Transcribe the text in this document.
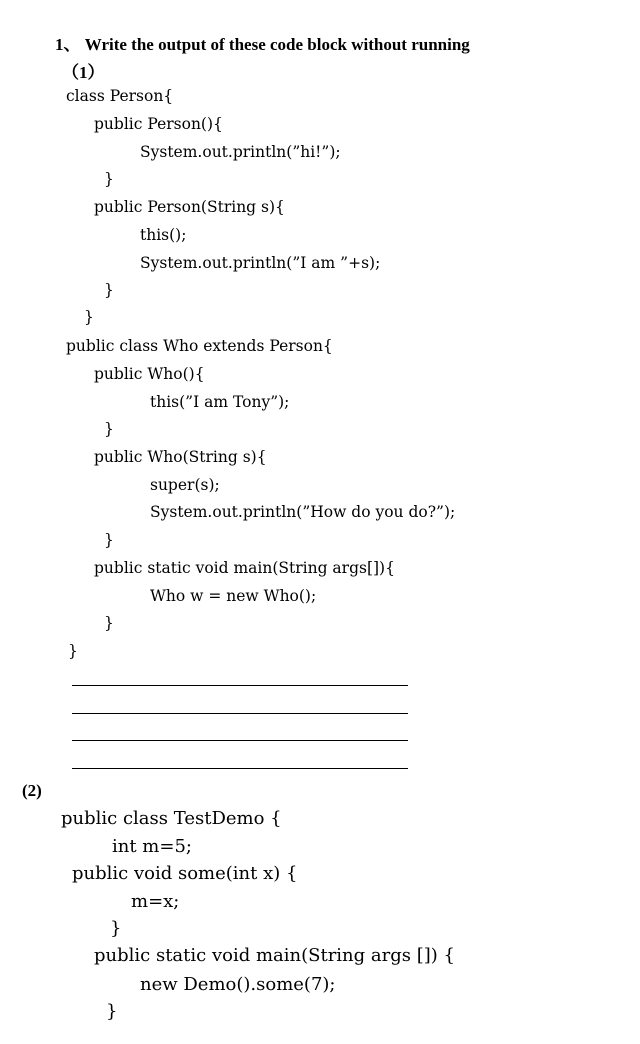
1、 Write the output of these code block without running
（1）
class Person{
public Person(){
System.out.println(”hi!”);
}
public Person(String s){
this();
System.out.println(”I am ”+s);
}
}
public class Who extends Person{
public Who(){
this(”I am Tony”);
}
public Who(String s){
super(s);
System.out.println(”How do you do?”);
}
public static void main(String args[]){
Who w = new Who();
}
}
(2)
public class TestDemo {
int m=5;
public void some(int x) {
m=x;
}
public static void main(String args []) {
new Demo().some(7);
}
